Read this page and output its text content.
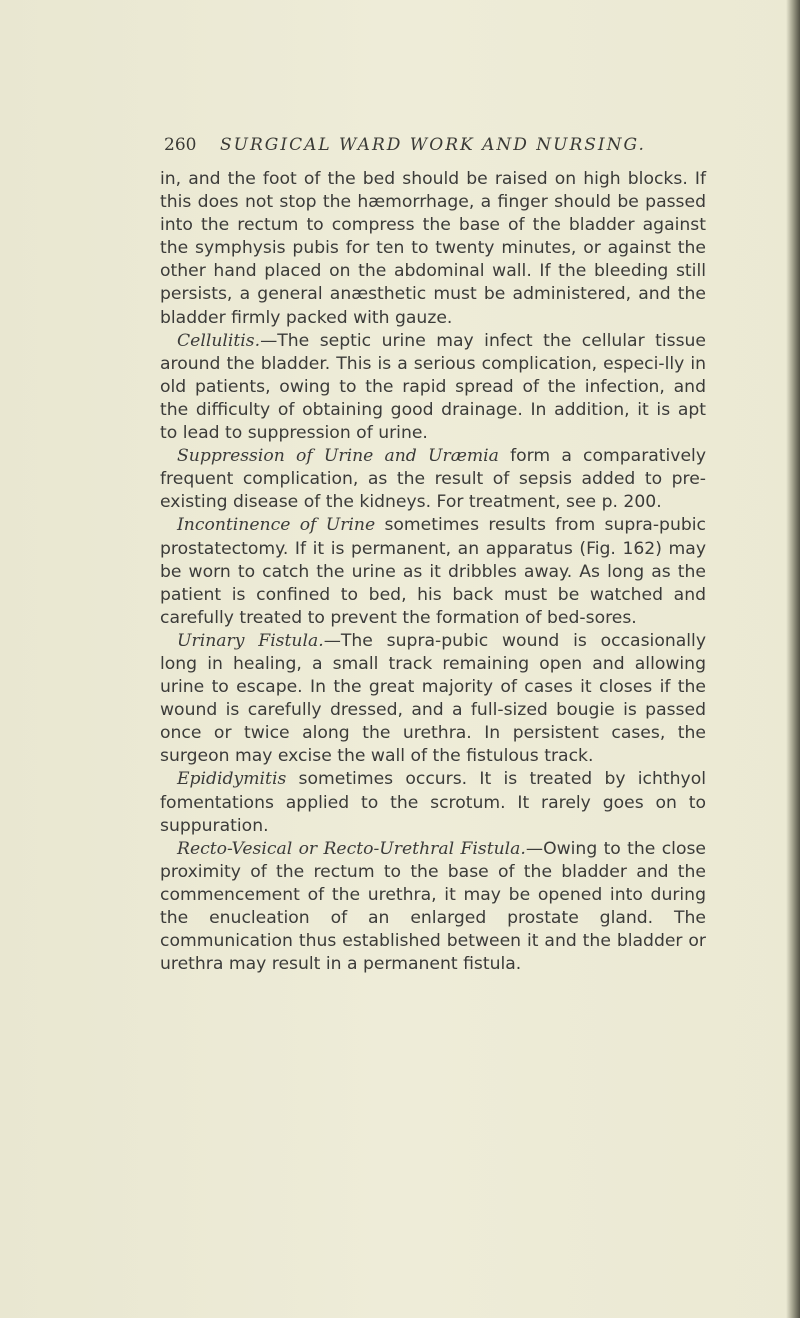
260 SURGICAL WARD WORK AND NURSING.

in, and the foot of the bed should be raised on high blocks. If this does not stop the hæmorrhage, a finger should be passed into the rectum to compress the base of the bladder against the symphysis pubis for ten to twenty minutes, or against the other hand placed on the abdominal wall. If the bleeding still persists, a general anæsthetic must be administered, and the bladder firmly packed with gauze.

Cellulitis.—The septic urine may infect the cellular tissue around the bladder. This is a serious complication, especi-lly in old patients, owing to the rapid spread of the infection, and the difficulty of obtaining good drainage. In addition, it is apt to lead to suppression of urine.

Suppression of Urine and Uræmia form a comparatively frequent complication, as the result of sepsis added to pre-existing disease of the kidneys. For treatment, see p. 200.

Incontinence of Urine sometimes results from supra-pubic prostatectomy. If it is permanent, an apparatus (Fig. 162) may be worn to catch the urine as it dribbles away. As long as the patient is confined to bed, his back must be watched and carefully treated to prevent the formation of bed-sores.

Urinary Fistula.—The supra-pubic wound is occasionally long in healing, a small track remaining open and allowing urine to escape. In the great majority of cases it closes if the wound is carefully dressed, and a full-sized bougie is passed once or twice along the urethra. In persistent cases, the surgeon may excise the wall of the fistulous track.

Epididymitis sometimes occurs. It is treated by ichthyol fomentations applied to the scrotum. It rarely goes on to suppuration.

Recto-Vesical or Recto-Urethral Fistula.—Owing to the close proximity of the rectum to the base of the bladder and the commencement of the urethra, it may be opened into during the enucleation of an enlarged prostate gland. The communication thus established between it and the bladder or urethra may result in a permanent fistula.
